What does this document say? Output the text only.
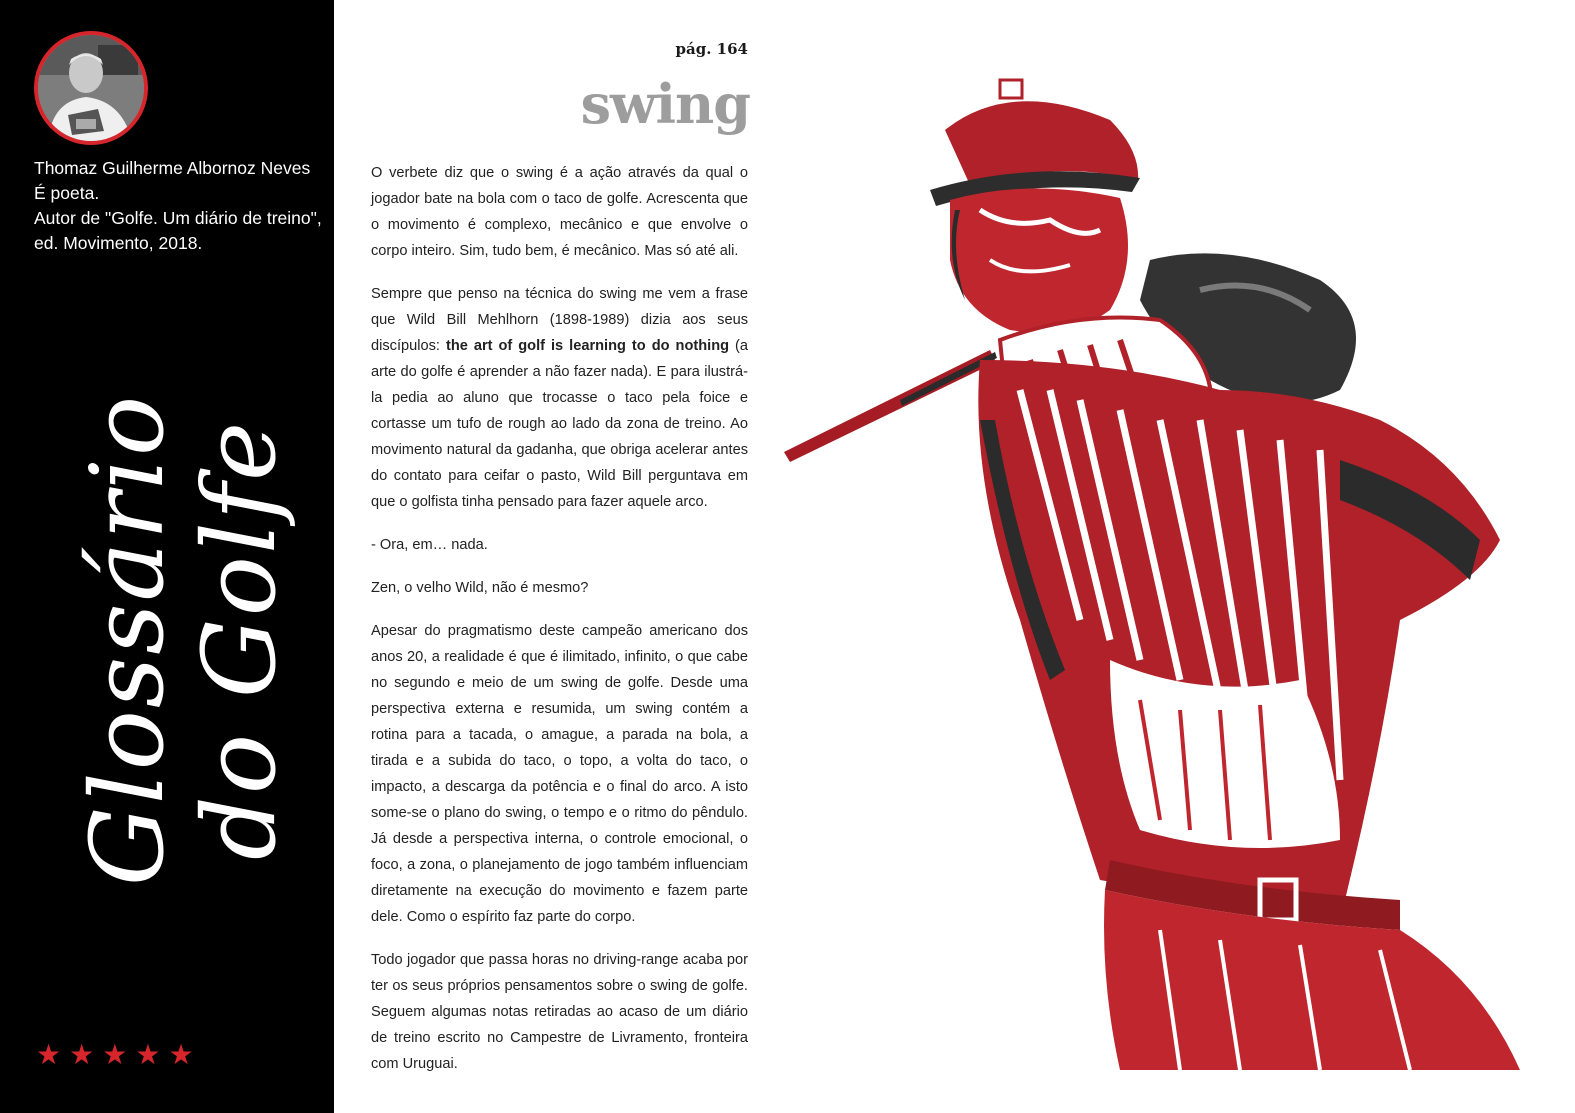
Thomaz Guilherme Albornoz Neves
É poeta.
Autor de "Golfe. Um diário de treino",
ed. Movimento, 2018.
Glossário
do Golfe
★ ★ ★ ★ ★
pág. 164
swing

O verbete diz que o swing é a ação através da qual o jogador bate na bola com o taco de golfe. Acrescenta que o movimento é complexo, mecânico e que envolve o corpo inteiro. Sim, tudo bem, é mecânico. Mas só até ali.

Sempre que penso na técnica do swing me vem a frase que Wild Bill Mehlhorn (1898-1989) dizia aos seus discípulos: the art of golf is learning to do nothing (a arte do golfe é aprender a não fazer nada). E para ilustrá-la pedia ao aluno que trocasse o taco pela foice e cortasse um tufo de rough ao lado da zona de treino. Ao movimento natural da gadanha, que obriga acelerar antes do contato para ceifar o pasto, Wild Bill perguntava em que o golfista tinha pensado para fazer aquele arco.

- Ora, em… nada.

Zen, o velho Wild, não é mesmo?

Apesar do pragmatismo deste campeão americano dos anos 20, a realidade é que é ilimitado, infinito, o que cabe no segundo e meio de um swing de golfe. Desde uma perspectiva externa e resumida, um swing contém a rotina para a tacada, o amague, a parada na bola, a tirada e a subida do taco, o topo, a volta do taco, o impacto, a descarga da potência e o final do arco. A isto some-se o plano do swing, o tempo e o ritmo do pêndulo. Já desde a perspectiva interna, o controle emocional, o foco, a zona, o planejamento de jogo também influenciam diretamente na execução do movimento e fazem parte dele. Como o espírito faz parte do corpo.

Todo jogador que passa horas no driving-range acaba por ter os seus próprios pensamentos sobre o swing de golfe. Seguem algumas notas retiradas ao acaso de um diário de treino escrito no Campestre de Livramento, fronteira com Uruguai.
